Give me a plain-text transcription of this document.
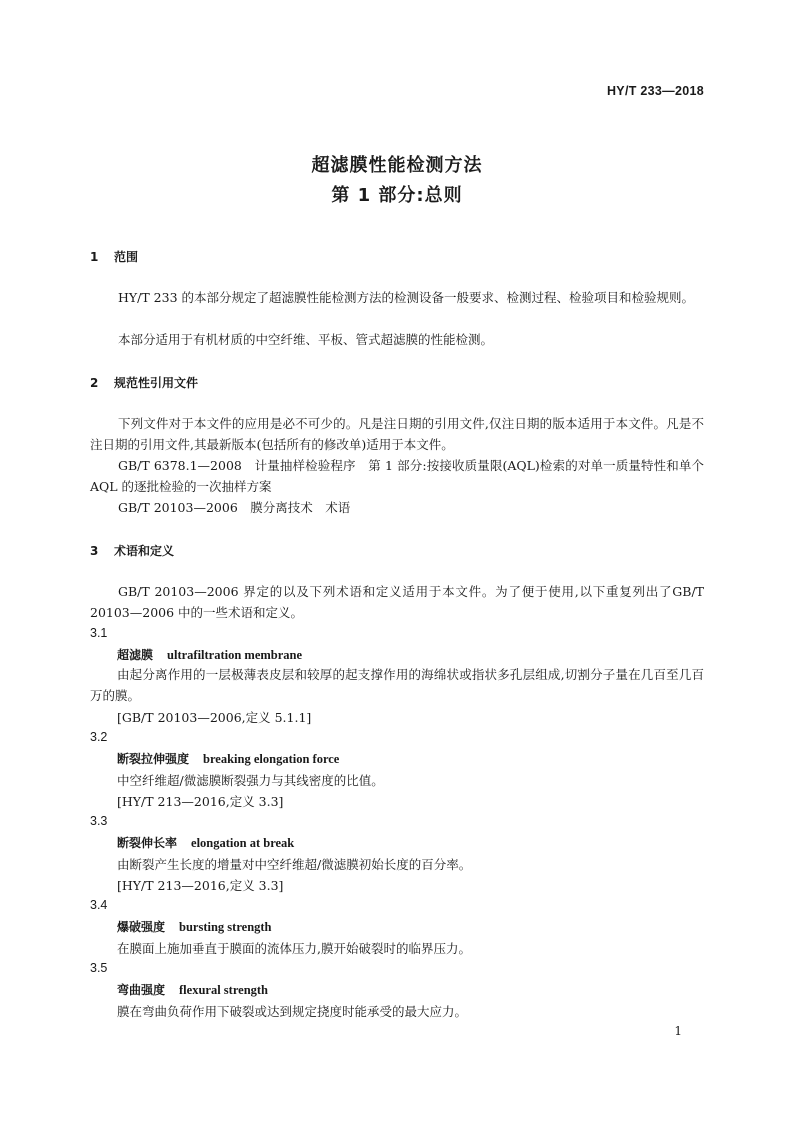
HY/T 233—2018
超滤膜性能检测方法
第 1 部分:总则
1 范围
HY/T 233 的本部分规定了超滤膜性能检测方法的检测设备一般要求、检测过程、检验项目和检验规则。
本部分适用于有机材质的中空纤维、平板、管式超滤膜的性能检测。
2 规范性引用文件
下列文件对于本文件的应用是必不可少的。凡是注日期的引用文件,仅注日期的版本适用于本文件。凡是不注日期的引用文件,其最新版本(包括所有的修改单)适用于本文件。
GB/T 6378.1—2008　计量抽样检验程序　第 1 部分:按接收质量限(AQL)检索的对单一质量特性和单个 AQL 的逐批检验的一次抽样方案
GB/T 20103—2006　膜分离技术　术语
3 术语和定义
GB/T 20103—2006 界定的以及下列术语和定义适用于本文件。为了便于使用,以下重复列出了GB/T 20103—2006 中的一些术语和定义。
3.1
超滤膜 ultrafiltration membrane
由起分离作用的一层极薄表皮层和较厚的起支撑作用的海绵状或指状多孔层组成,切割分子量在几百至几百万的膜。
[GB/T 20103—2006,定义 5.1.1]
3.2
断裂拉伸强度 breaking elongation force
中空纤维超/微滤膜断裂强力与其线密度的比值。
[HY/T 213—2016,定义 3.3]
3.3
断裂伸长率 elongation at break
由断裂产生长度的增量对中空纤维超/微滤膜初始长度的百分率。
[HY/T 213—2016,定义 3.3]
3.4
爆破强度 bursting strength
在膜面上施加垂直于膜面的流体压力,膜开始破裂时的临界压力。
3.5
弯曲强度 flexural strength
膜在弯曲负荷作用下破裂或达到规定挠度时能承受的最大应力。
1
